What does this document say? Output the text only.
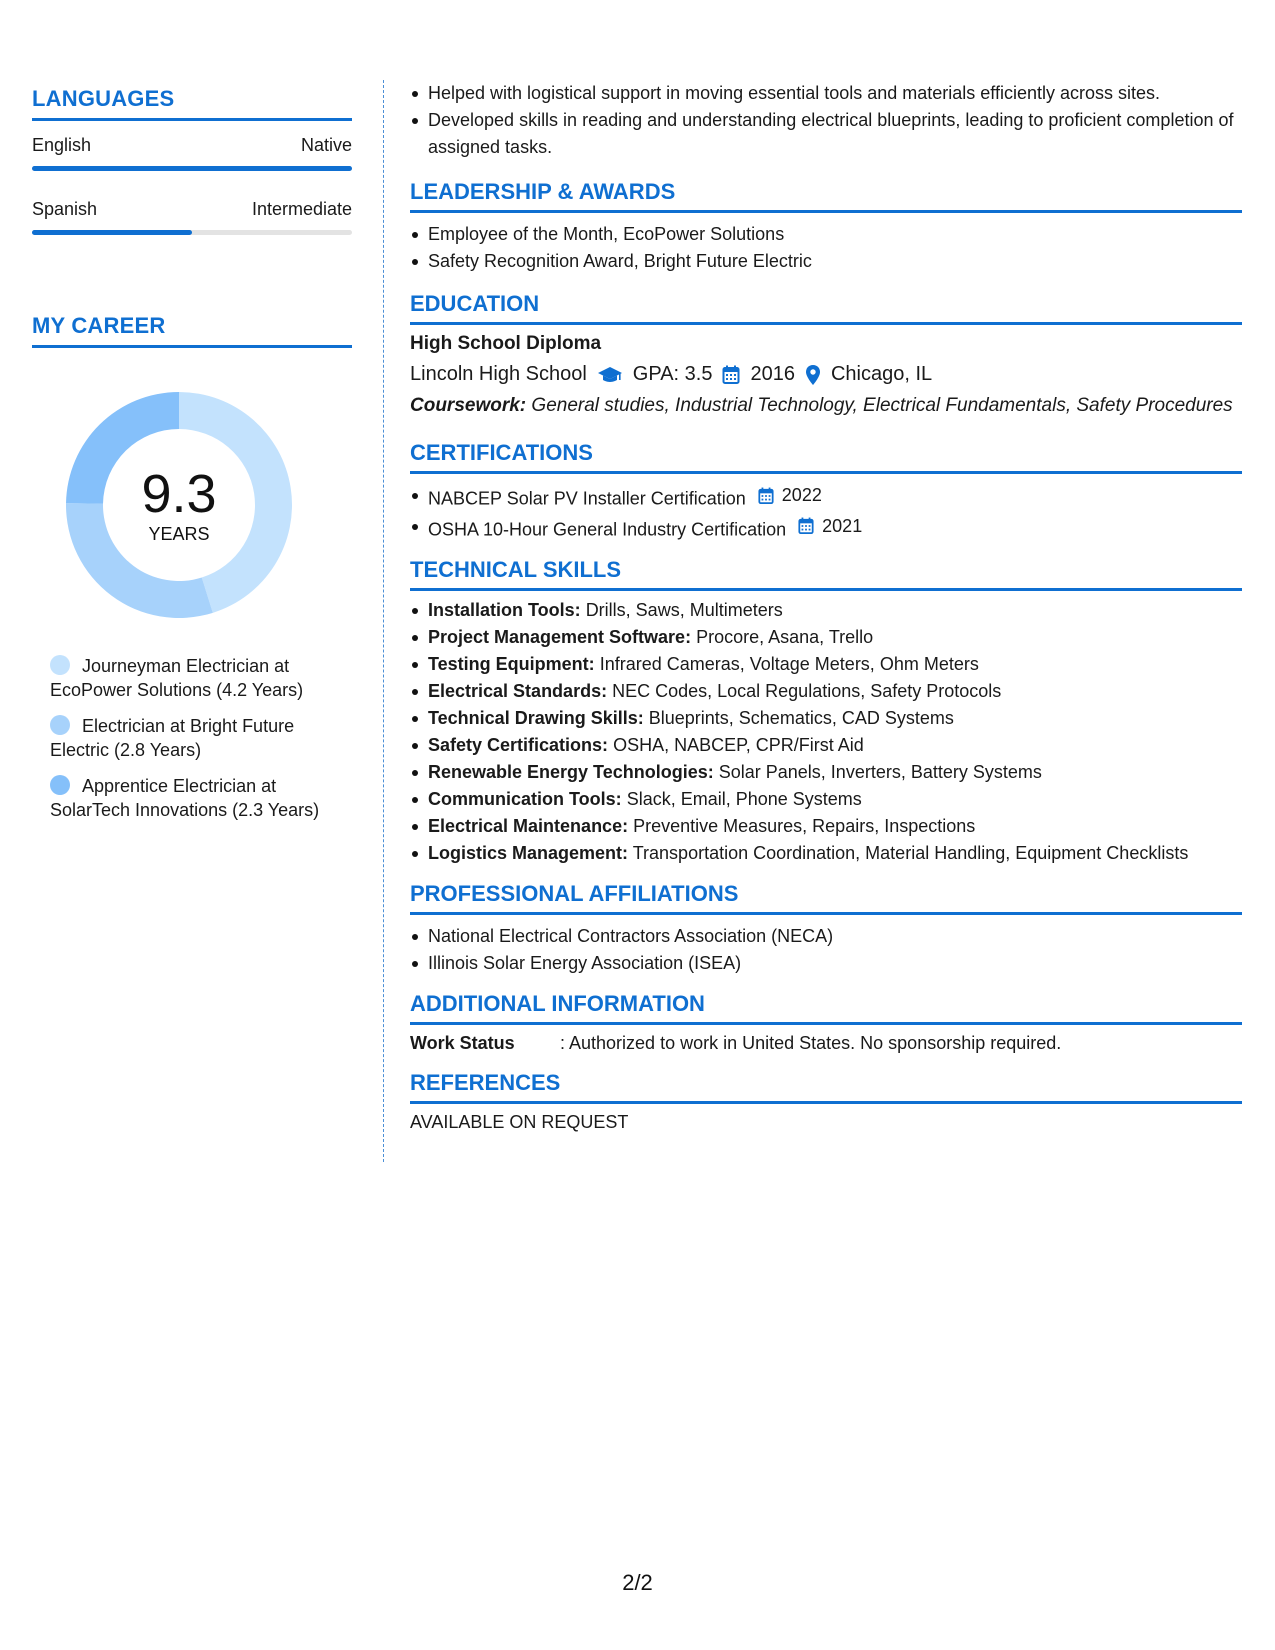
LANGUAGES
English	Native
Spanish	Intermediate
MY CAREER
9.3
YEARS
Journeyman Electrician at EcoPower Solutions (4.2 Years)
Electrician at Bright Future Electric (2.8 Years)
Apprentice Electrician at SolarTech Innovations (2.3 Years)
Helped with logistical support in moving essential tools and materials efficiently across sites.
Developed skills in reading and understanding electrical blueprints, leading to proficient completion of assigned tasks.
LEADERSHIP & AWARDS
Employee of the Month, EcoPower Solutions
Safety Recognition Award, Bright Future Electric
EDUCATION
High School Diploma
Lincoln High School GPA: 3.5 2016 Chicago, IL
Coursework: General studies, Industrial Technology, Electrical Fundamentals, Safety Procedures
CERTIFICATIONS
NABCEP Solar PV Installer Certification 2022
OSHA 10-Hour General Industry Certification 2021
TECHNICAL SKILLS
Installation Tools: Drills, Saws, Multimeters
Project Management Software: Procore, Asana, Trello
Testing Equipment: Infrared Cameras, Voltage Meters, Ohm Meters
Electrical Standards: NEC Codes, Local Regulations, Safety Protocols
Technical Drawing Skills: Blueprints, Schematics, CAD Systems
Safety Certifications: OSHA, NABCEP, CPR/First Aid
Renewable Energy Technologies: Solar Panels, Inverters, Battery Systems
Communication Tools: Slack, Email, Phone Systems
Electrical Maintenance: Preventive Measures, Repairs, Inspections
Logistics Management: Transportation Coordination, Material Handling, Equipment Checklists
PROFESSIONAL AFFILIATIONS
National Electrical Contractors Association (NECA)
Illinois Solar Energy Association (ISEA)
ADDITIONAL INFORMATION
Work Status	: Authorized to work in United States. No sponsorship required.
REFERENCES
AVAILABLE ON REQUEST
2/2
